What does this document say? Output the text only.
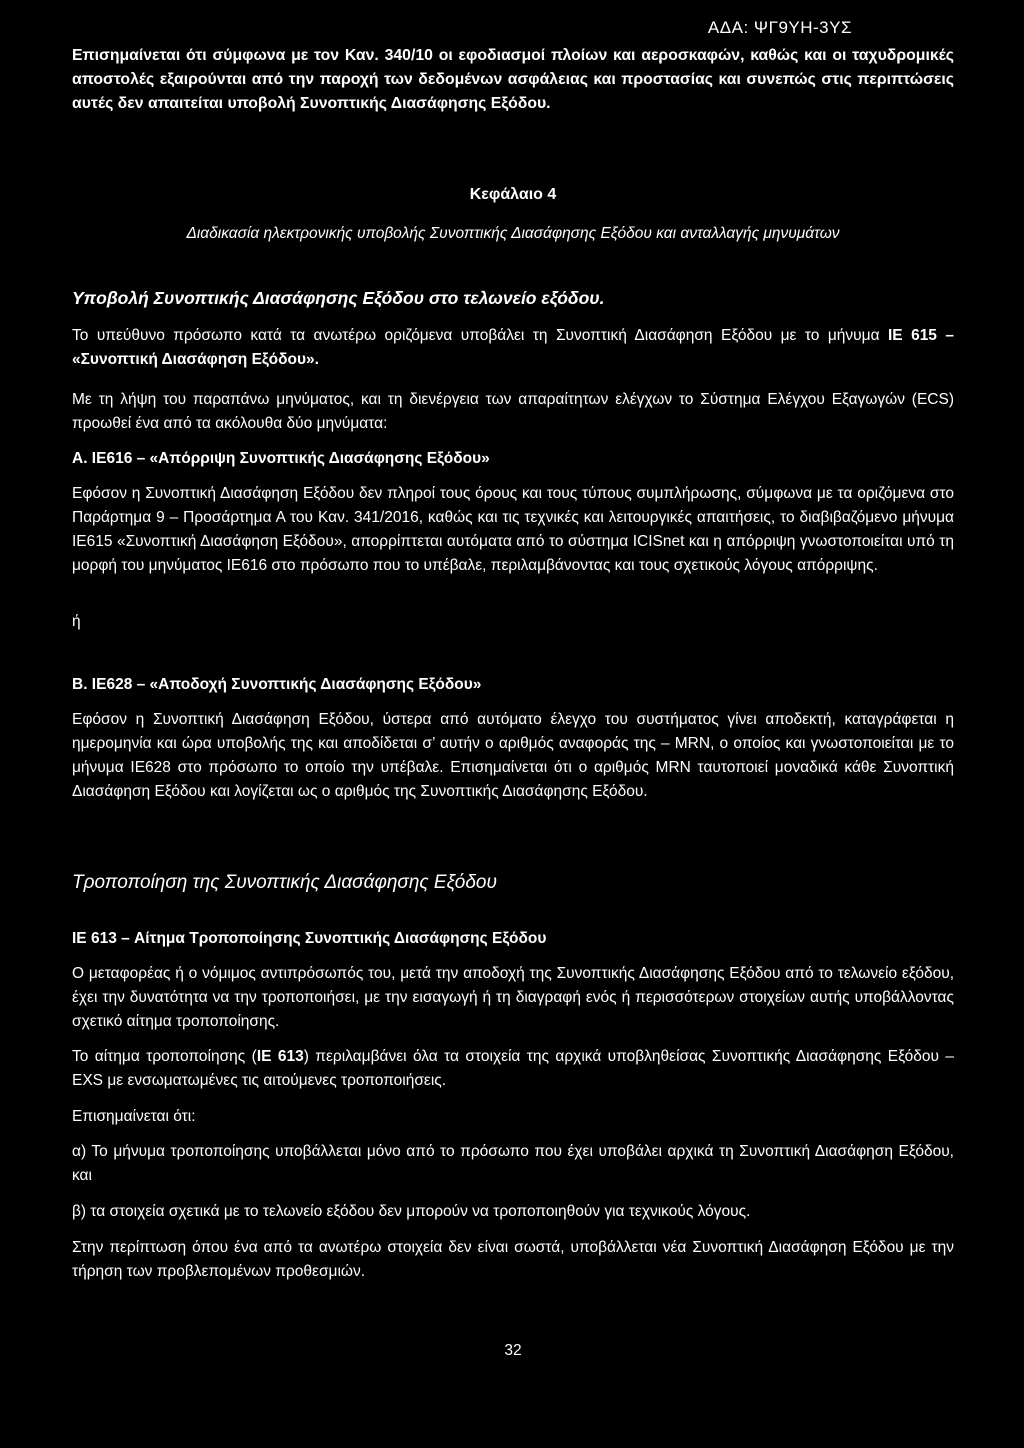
ΑΔΑ: ΨΓ9ΥΗ-3ΥΣ

Επισημαίνεται ότι σύμφωνα με τον Καν. 340/10 οι εφοδιασμοί πλοίων και αεροσκαφών, καθώς και οι ταχυδρομικές αποστολές εξαιρούνται από την παροχή των δεδομένων ασφάλειας και προστασίας και συνεπώς στις περιπτώσεις αυτές δεν απαιτείται υποβολή Συνοπτικής Διασάφησης Εξόδου.

Κεφάλαιο 4
Διαδικασία ηλεκτρονικής υποβολής Συνοπτικής Διασάφησης Εξόδου και ανταλλαγής μηνυμάτων
Υποβολή Συνοπτικής Διασάφησης Εξόδου στο τελωνείο εξόδου.

Το υπεύθυνο πρόσωπο κατά τα ανωτέρω οριζόμενα υποβάλει τη Συνοπτική Διασάφηση Εξόδου με το μήνυμα IE 615 – «Συνοπτική Διασάφηση Εξόδου».

Με τη λήψη του παραπάνω μηνύματος, και τη διενέργεια των απαραίτητων ελέγχων το Σύστημα Ελέγχου Εξαγωγών (ECS) προωθεί ένα από τα ακόλουθα δύο μηνύματα:

Α. IE616 – «Απόρριψη Συνοπτικής Διασάφησης Εξόδου»

Εφόσον η Συνοπτική Διασάφηση Εξόδου δεν πληροί τους όρους και τους τύπους συμπλήρωσης, σύμφωνα με τα οριζόμενα στο Παράρτημα 9 – Προσάρτημα Α του Καν. 341/2016, καθώς και τις τεχνικές και λειτουργικές απαιτήσεις, το διαβιβαζόμενο μήνυμα IE615 «Συνοπτική Διασάφηση Εξόδου», απορρίπτεται αυτόματα από το σύστημα ICISnet και η απόρριψη γνωστοποιείται υπό τη μορφή του μηνύματος IE616 στο πρόσωπο που το υπέβαλε, περιλαμβάνοντας και τους σχετικούς λόγους απόρριψης.

ή

Β. IE628 – «Αποδοχή Συνοπτικής Διασάφησης Εξόδου»

Εφόσον η Συνοπτική Διασάφηση Εξόδου, ύστερα από αυτόματο έλεγχο του συστήματος γίνει αποδεκτή, καταγράφεται η ημερομηνία και ώρα υποβολής της και αποδίδεται σ’ αυτήν ο αριθμός αναφοράς της – MRN, ο οποίος και γνωστοποιείται με το μήνυμα IE628 στο πρόσωπο το οποίο την υπέβαλε. Επισημαίνεται ότι ο αριθμός MRN ταυτοποιεί μοναδικά κάθε Συνοπτική Διασάφηση Εξόδου και λογίζεται ως ο αριθμός της Συνοπτικής Διασάφησης Εξόδου.

Τροποποίηση της Συνοπτικής Διασάφησης Εξόδου

IE 613 – Αίτημα Τροποποίησης Συνοπτικής Διασάφησης Εξόδου

Ο μεταφορέας ή ο νόμιμος αντιπρόσωπός του, μετά την αποδοχή της Συνοπτικής Διασάφησης Εξόδου από το τελωνείο εξόδου, έχει την δυνατότητα να την τροποποιήσει, με την εισαγωγή ή τη διαγραφή ενός ή περισσότερων στοιχείων αυτής υποβάλλοντας σχετικό αίτημα τροποποίησης.

Το αίτημα τροποποίησης (IE 613) περιλαμβάνει όλα τα στοιχεία της αρχικά υποβληθείσας Συνοπτικής Διασάφησης Εξόδου – EXS με ενσωματωμένες τις αιτούμενες τροποποιήσεις.

Επισημαίνεται ότι:

α) Το μήνυμα τροποποίησης υποβάλλεται μόνο από το πρόσωπο που έχει υποβάλει αρχικά τη Συνοπτική Διασάφηση Εξόδου, και

β) τα στοιχεία σχετικά με το τελωνείο εξόδου δεν μπορούν να τροποποιηθούν για τεχνικούς λόγους.

Στην περίπτωση όπου ένα από τα ανωτέρω στοιχεία δεν είναι σωστά, υποβάλλεται νέα Συνοπτική Διασάφηση Εξόδου με την τήρηση των προβλεπομένων προθεσμιών.

32
